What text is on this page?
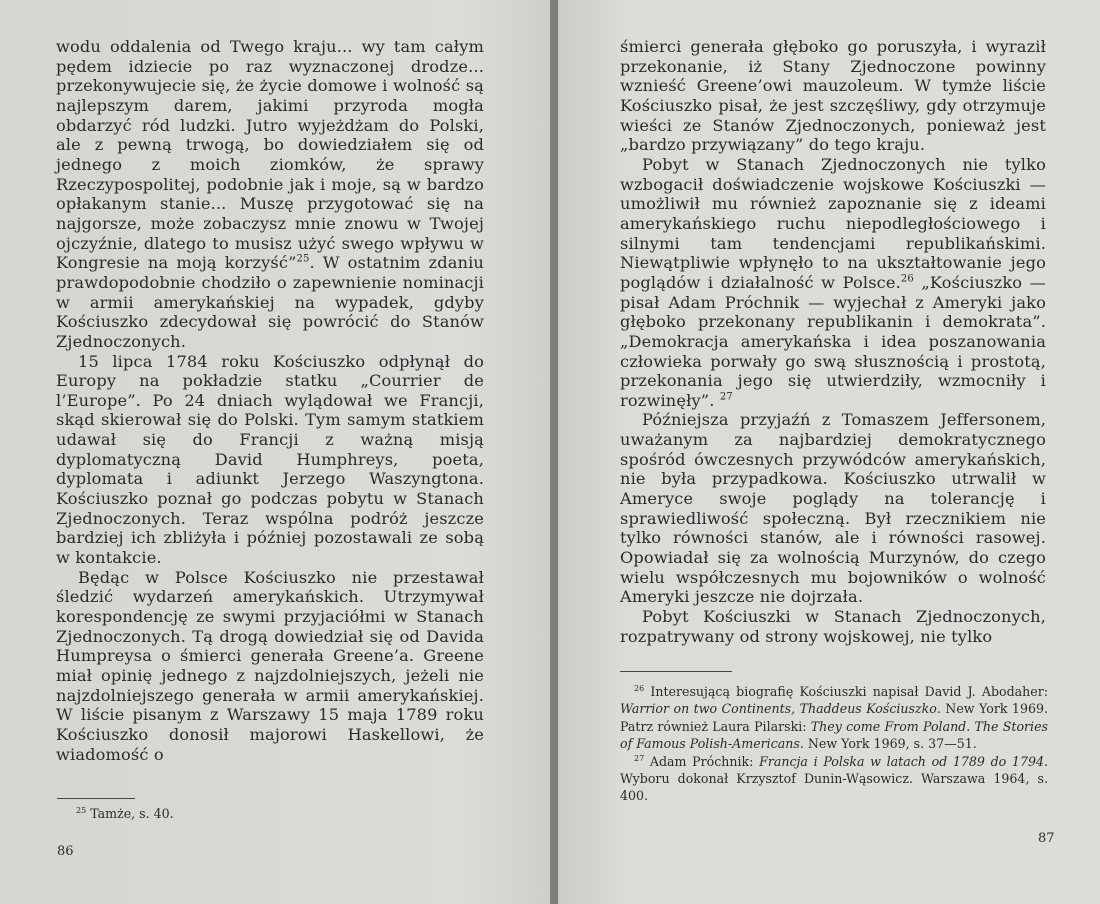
wodu oddalenia od Twego kraju... wy tam całym pędem idziecie po raz wyznaczonej drodze... przekonywujecie się, że życie domowe i wolność są najlepszym darem, jakimi przyroda mogła obdarzyć ród ludzki. Jutro wyjeżdżam do Polski, ale z pewną trwogą, bo dowiedziałem się od jednego z moich ziomków, że sprawy Rzeczypospolitej, podobnie jak i moje, są w bardzo opłakanym stanie... Muszę przygotować się na najgorsze, może zobaczysz mnie znowu w Twojej ojczyźnie, dlatego to musisz użyć swego wpływu w Kongresie na moją korzyść”$^{25}$. W ostatnim zdaniu prawdopodobnie chodziło o zapewnienie nominacji w armii amerykańskiej na wypadek, gdyby Kościuszko zdecydował się powrócić do Stanów Zjednoczonych.

15 lipca 1784 roku Kościuszko odpłynął do Europy na pokładzie statku „Courrier de l’Europe”. Po 24 dniach wylądował we Francji, skąd skierował się do Polski. Tym samym statkiem udawał się do Francji z ważną misją dyplomatyczną David Humphreys, poeta, dyplomata i adiunkt Jerzego Waszyngtona. Kościuszko poznał go podczas pobytu w Stanach Zjednoczonych. Teraz wspólna podróż jeszcze bardziej ich zbliżyła i później pozostawali ze sobą w kontakcie.

Będąc w Polsce Kościuszko nie przestawał śledzić wydarzeń amerykańskich. Utrzymywał korespondencję ze swymi przyjaciółmi w Stanach Zjednoczonych. Tą drogą dowiedział się od Davida Humpreysa o śmierci generała Greene’a. Greene miał opinię jednego z najzdolniejszych, jeżeli nie najzdolniejszego generała w armii amerykańskiej. W liście pisanym z Warszawy 15 maja 1789 roku Kościuszko donosił majorowi Haskellowi, że wiadomość o

$^{25}$ Tamże, s. 40.

86

śmierci generała głęboko go poruszyła, i wyraził przekonanie, iż Stany Zjednoczone powinny wznieść Greene’owi mauzoleum. W tymże liście Kościuszko pisał, że jest szczęśliwy, gdy otrzymuje wieści ze Stanów Zjednoczonych, ponieważ jest „bardzo przywiązany” do tego kraju.

Pobyt w Stanach Zjednoczonych nie tylko wzbogacił doświadczenie wojskowe Kościuszki — umożliwił mu również zapoznanie się z ideami amerykańskiego ruchu niepodległościowego i silnymi tam tendencjami republikańskimi. Niewątpliwie wpłynęło to na ukształtowanie jego poglądów i działalność w Polsce.$^{26}$ „Kościuszko — pisał Adam Próchnik — wyjechał z Ameryki jako głęboko przekonany republikanin i demokrata”. „Demokracja amerykańska i idea poszanowania człowieka porwały go swą słusznością i prostotą, przekonania jego się utwierdziły, wzmocniły i rozwinęły”. $^{27}$

Późniejsza przyjaźń z Tomaszem Jeffersonem, uważanym za najbardziej demokratycznego spośród ówczesnych przywódców amerykańskich, nie była przypadkowa. Kościuszko utrwalił w Ameryce swoje poglądy na tolerancję i sprawiedliwość społeczną. Był rzecznikiem nie tylko równości stanów, ale i równości rasowej. Opowiadał się za wolnością Murzynów, do czego wielu współczesnych mu bojowników o wolność Ameryki jeszcze nie dojrzała.

Pobyt Kościuszki w Stanach Zjednoczonych, rozpatrywany od strony wojskowej, nie tylko

$^{26}$ Interesującą biografię Kościuszki napisał David J. Abodaher: Warrior on two Continents, Thaddeus Kościuszko. New York 1969. Patrz również Laura Pilarski: They come From Poland. The Stories of Famous Polish-Americans. New York 1969, s. 37—51.

$^{27}$ Adam Próchnik: Francja i Polska w latach od 1789 do 1794. Wyboru dokonał Krzysztof Dunin-Wąsowicz. Warszawa 1964, s. 400.

87
